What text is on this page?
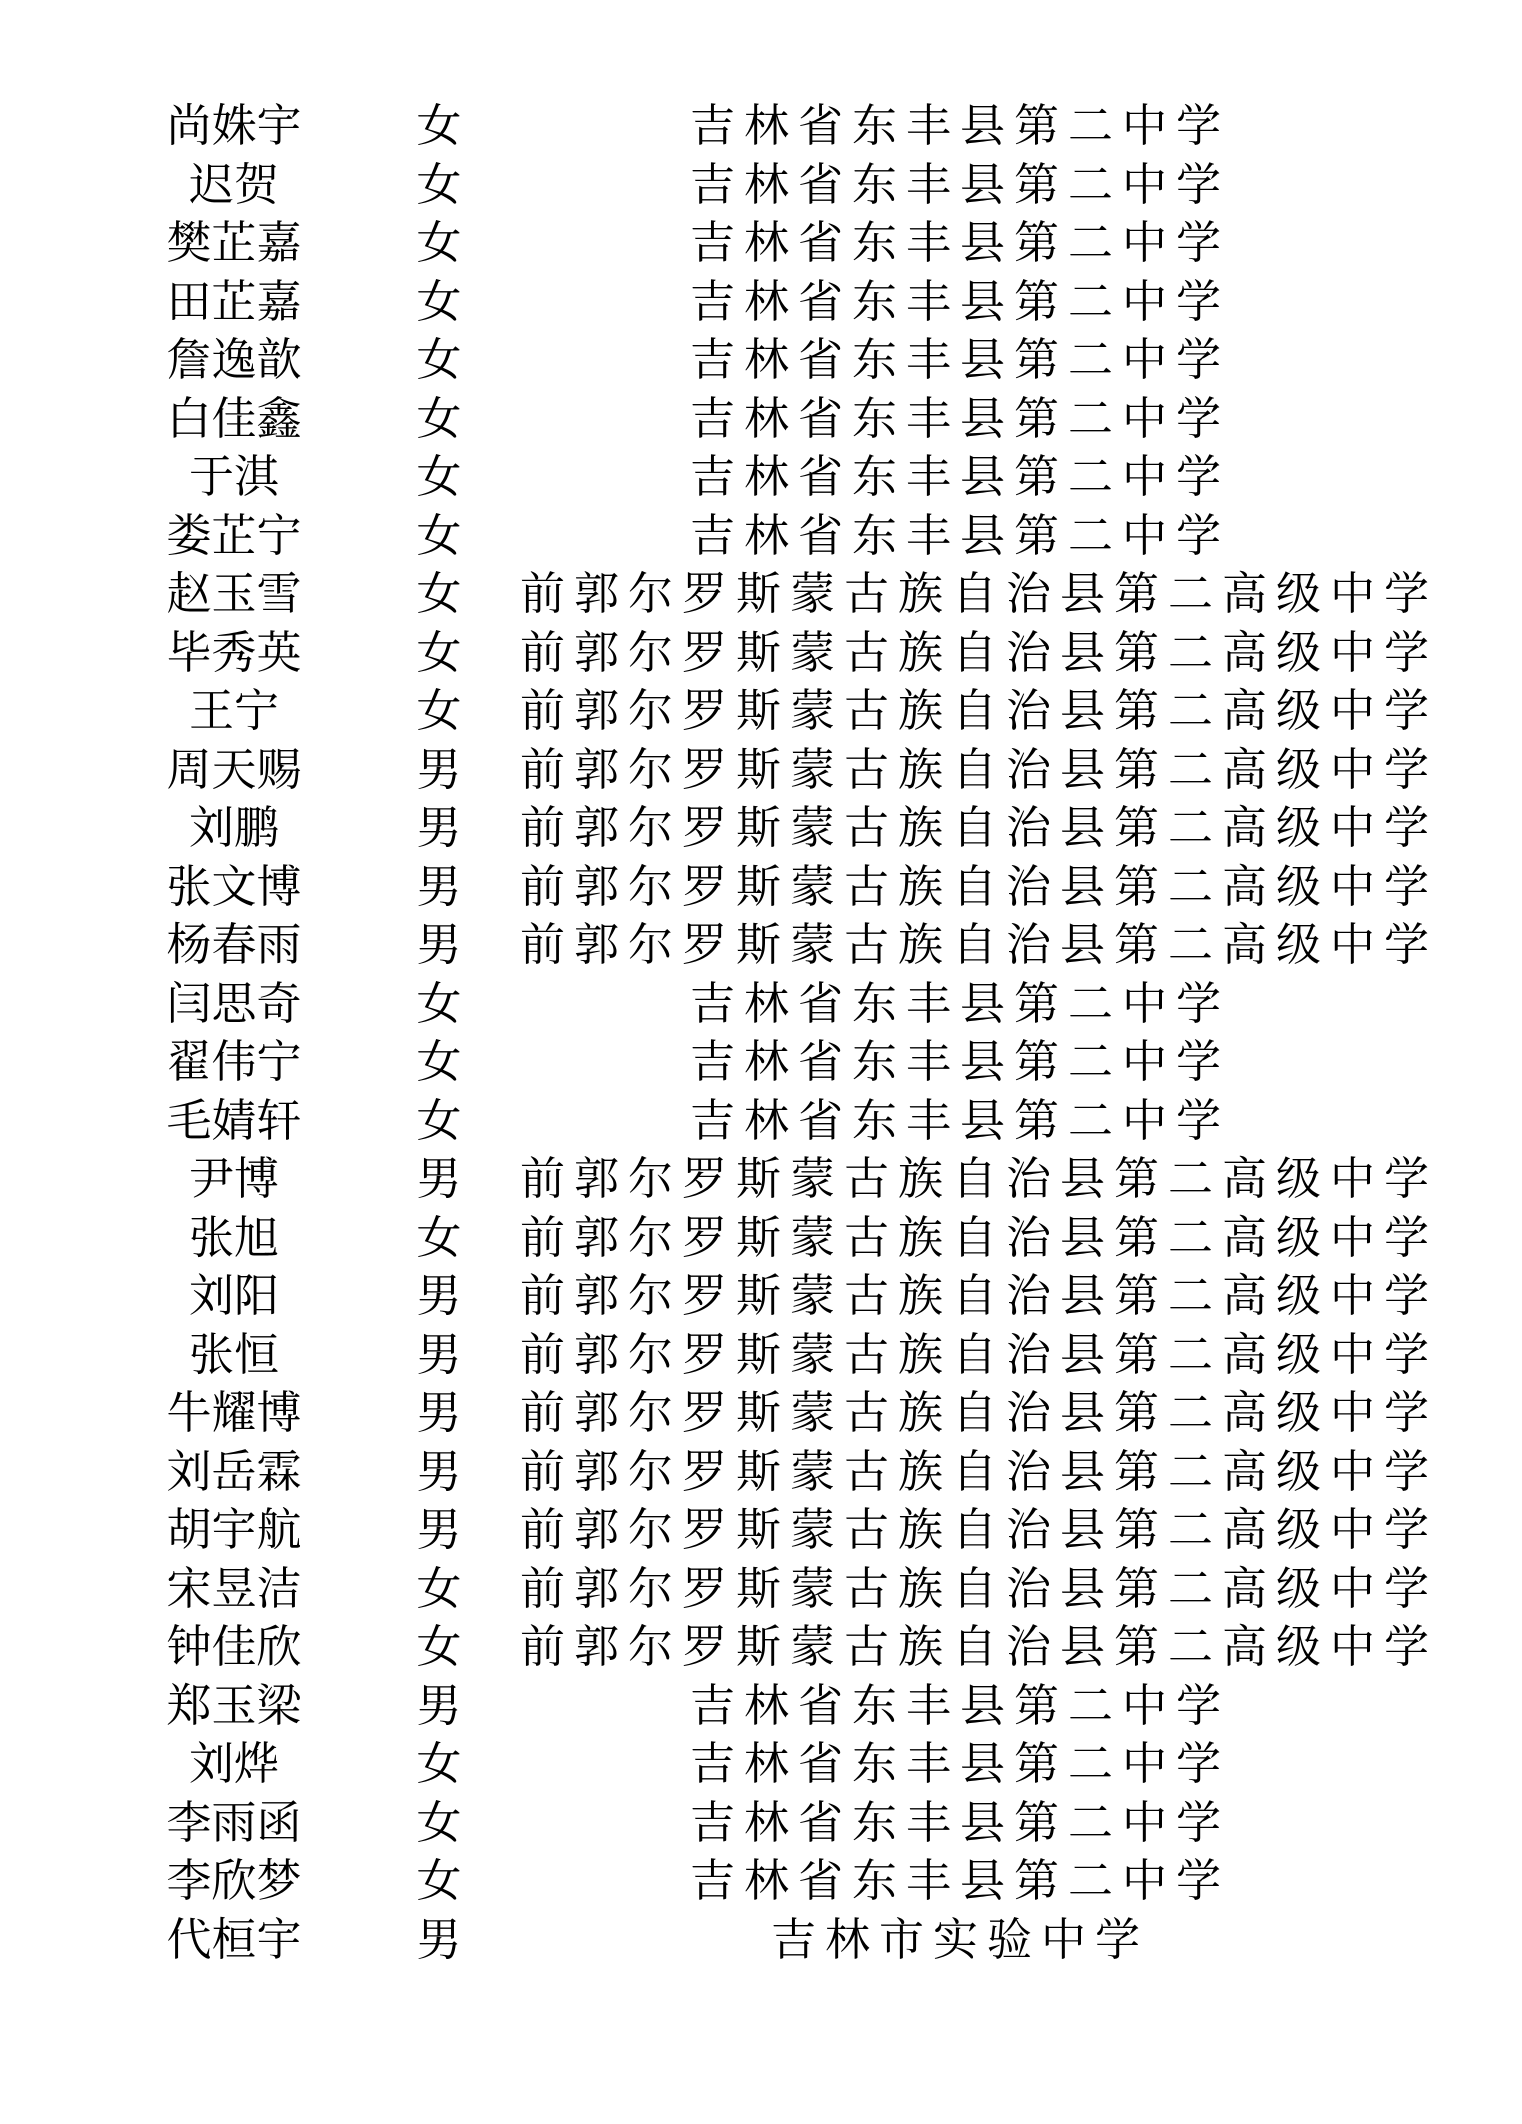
尚姝宇	女	吉林省东丰县第二中学
迟贺	女	吉林省东丰县第二中学
樊芷嘉	女	吉林省东丰县第二中学
田芷嘉	女	吉林省东丰县第二中学
詹逸歆	女	吉林省东丰县第二中学
白佳鑫	女	吉林省东丰县第二中学
于淇	女	吉林省东丰县第二中学
娄芷宁	女	吉林省东丰县第二中学
赵玉雪	女 前郭尔罗斯蒙古族自治县第二高级中学
毕秀英	女 前郭尔罗斯蒙古族自治县第二高级中学
王宁	女 前郭尔罗斯蒙古族自治县第二高级中学
周天赐	男 前郭尔罗斯蒙古族自治县第二高级中学
刘鹏	男 前郭尔罗斯蒙古族自治县第二高级中学
张文博	男 前郭尔罗斯蒙古族自治县第二高级中学
杨春雨	男 前郭尔罗斯蒙古族自治县第二高级中学
闫思奇	女	吉林省东丰县第二中学
翟伟宁	女	吉林省东丰县第二中学
毛婧轩	女	吉林省东丰县第二中学
尹博	男 前郭尔罗斯蒙古族自治县第二高级中学
张旭	女 前郭尔罗斯蒙古族自治县第二高级中学
刘阳	男 前郭尔罗斯蒙古族自治县第二高级中学
张恒	男 前郭尔罗斯蒙古族自治县第二高级中学
牛耀博	男 前郭尔罗斯蒙古族自治县第二高级中学
刘岳霖	男 前郭尔罗斯蒙古族自治县第二高级中学
胡宇航	男 前郭尔罗斯蒙古族自治县第二高级中学
宋昱洁	女 前郭尔罗斯蒙古族自治县第二高级中学
钟佳欣	女 前郭尔罗斯蒙古族自治县第二高级中学
郑玉梁	男	吉林省东丰县第二中学
刘烨	女	吉林省东丰县第二中学
李雨函	女	吉林省东丰县第二中学
李欣梦	女	吉林省东丰县第二中学
代桓宇	男	吉林市实验中学
